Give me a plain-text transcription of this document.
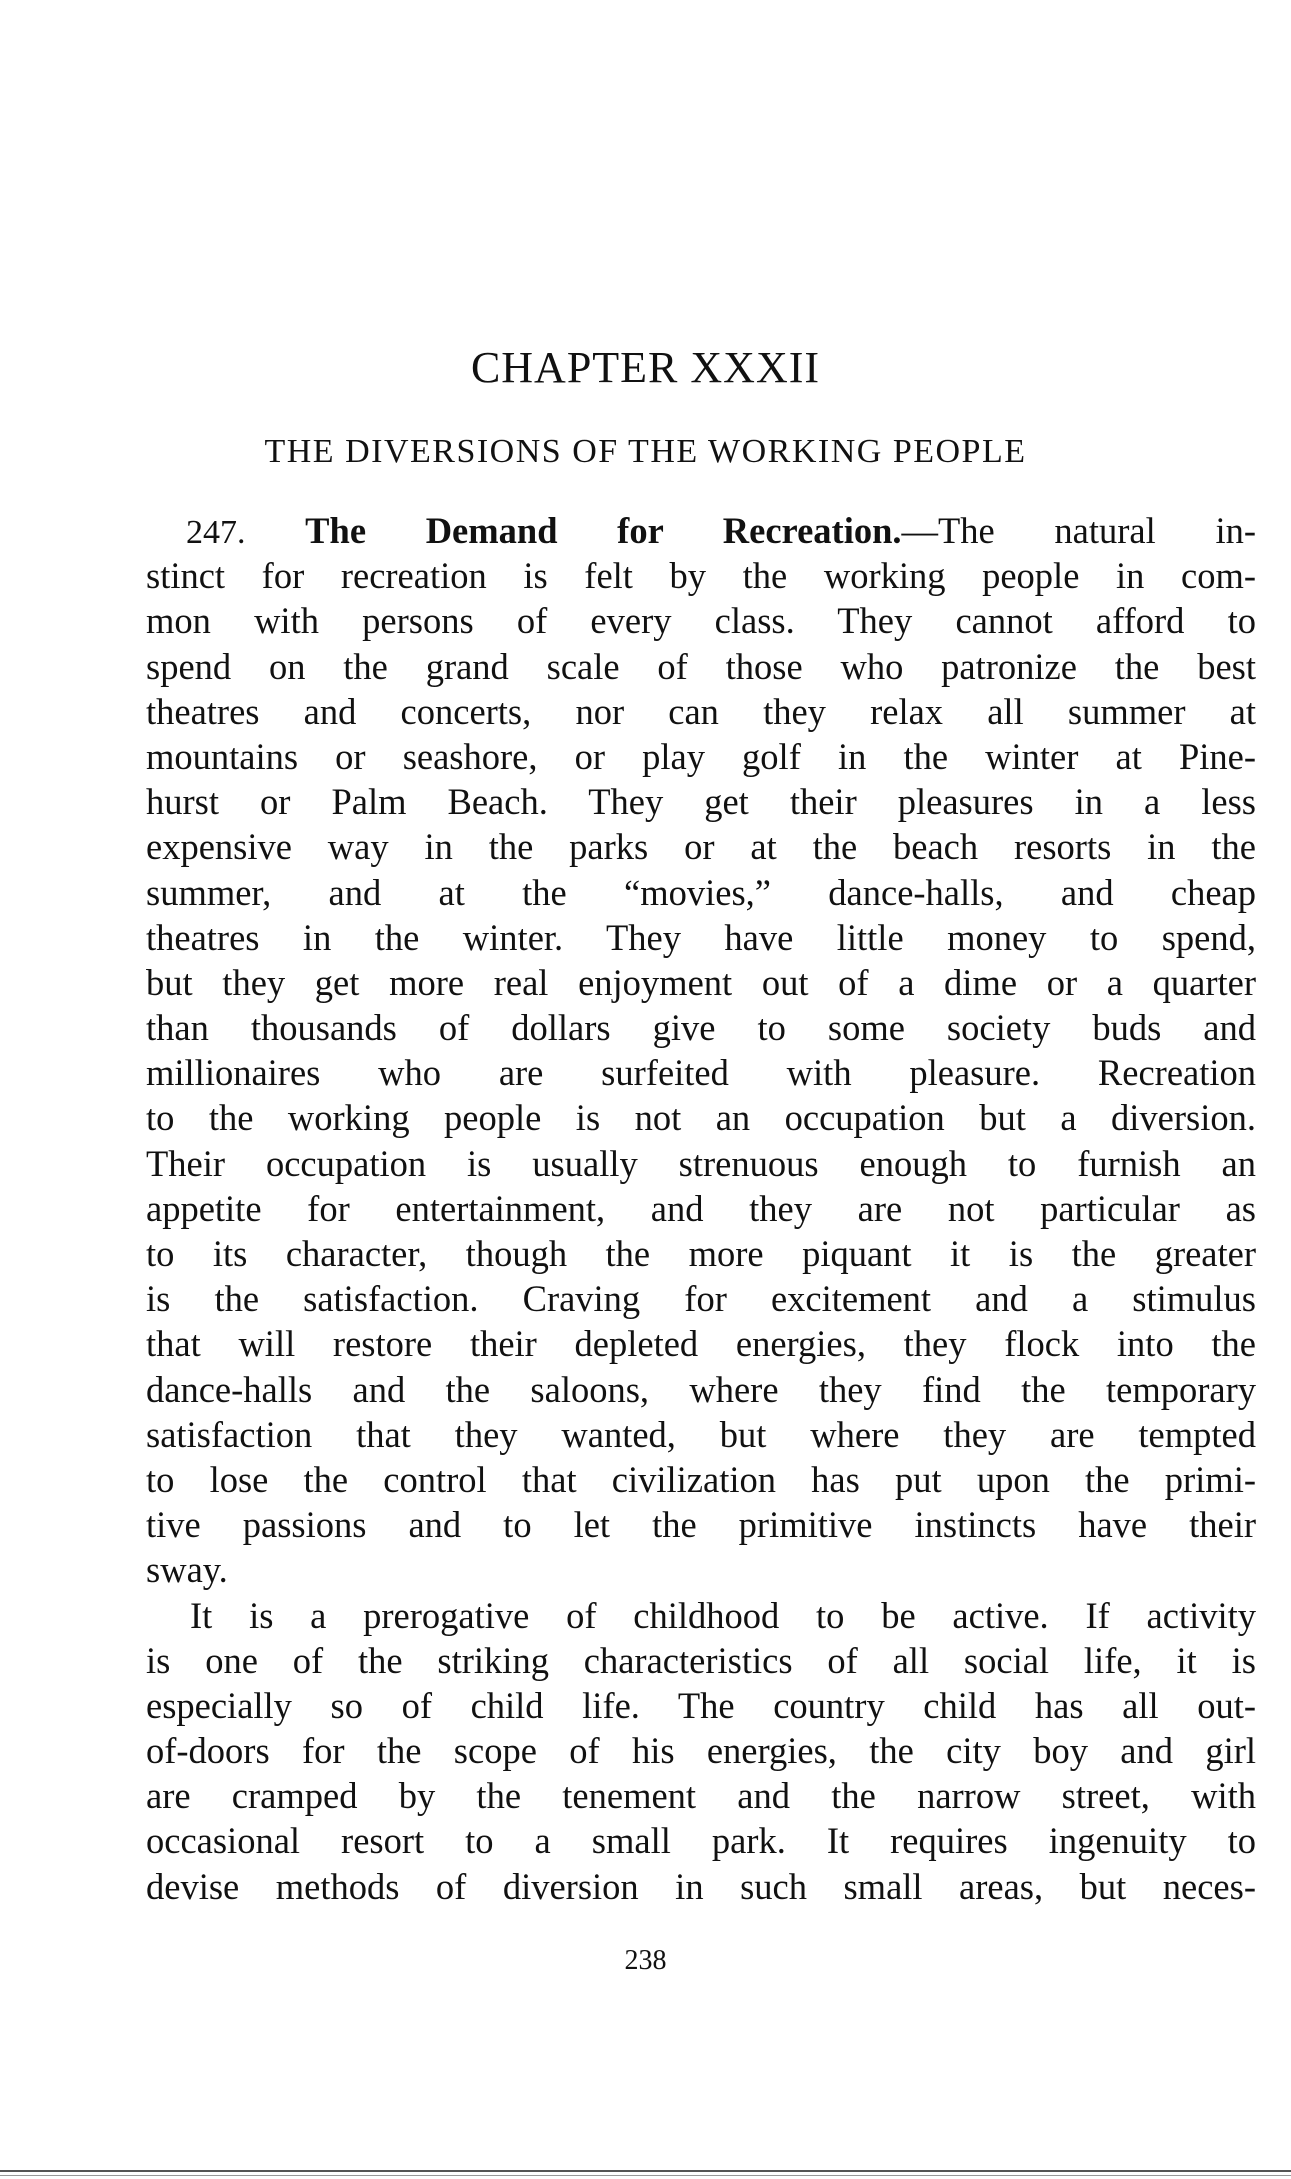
CHAPTER XXXII
THE DIVERSIONS OF THE WORKING PEOPLE
247. The Demand for Recreation.—The natural in-
stinct for recreation is felt by the working people in com-
mon with persons of every class. They cannot afford to
spend on the grand scale of those who patronize the best
theatres and concerts, nor can they relax all summer at
mountains or seashore, or play golf in the winter at Pine-
hurst or Palm Beach. They get their pleasures in a less
expensive way in the parks or at the beach resorts in the
summer, and at the “movies,” dance-halls, and cheap
theatres in the winter. They have little money to spend,
but they get more real enjoyment out of a dime or a quarter
than thousands of dollars give to some society buds and
millionaires who are surfeited with pleasure. Recreation
to the working people is not an occupation but a diversion.
Their occupation is usually strenuous enough to furnish an
appetite for entertainment, and they are not particular as
to its character, though the more piquant it is the greater
is the satisfaction. Craving for excitement and a stimulus
that will restore their depleted energies, they flock into the
dance-halls and the saloons, where they find the temporary
satisfaction that they wanted, but where they are tempted
to lose the control that civilization has put upon the primi-
tive passions and to let the primitive instincts have their
sway.
It is a prerogative of childhood to be active. If activity
is one of the striking characteristics of all social life, it is
especially so of child life. The country child has all out-
of-doors for the scope of his energies, the city boy and girl
are cramped by the tenement and the narrow street, with
occasional resort to a small park. It requires ingenuity to
devise methods of diversion in such small areas, but neces-
238
